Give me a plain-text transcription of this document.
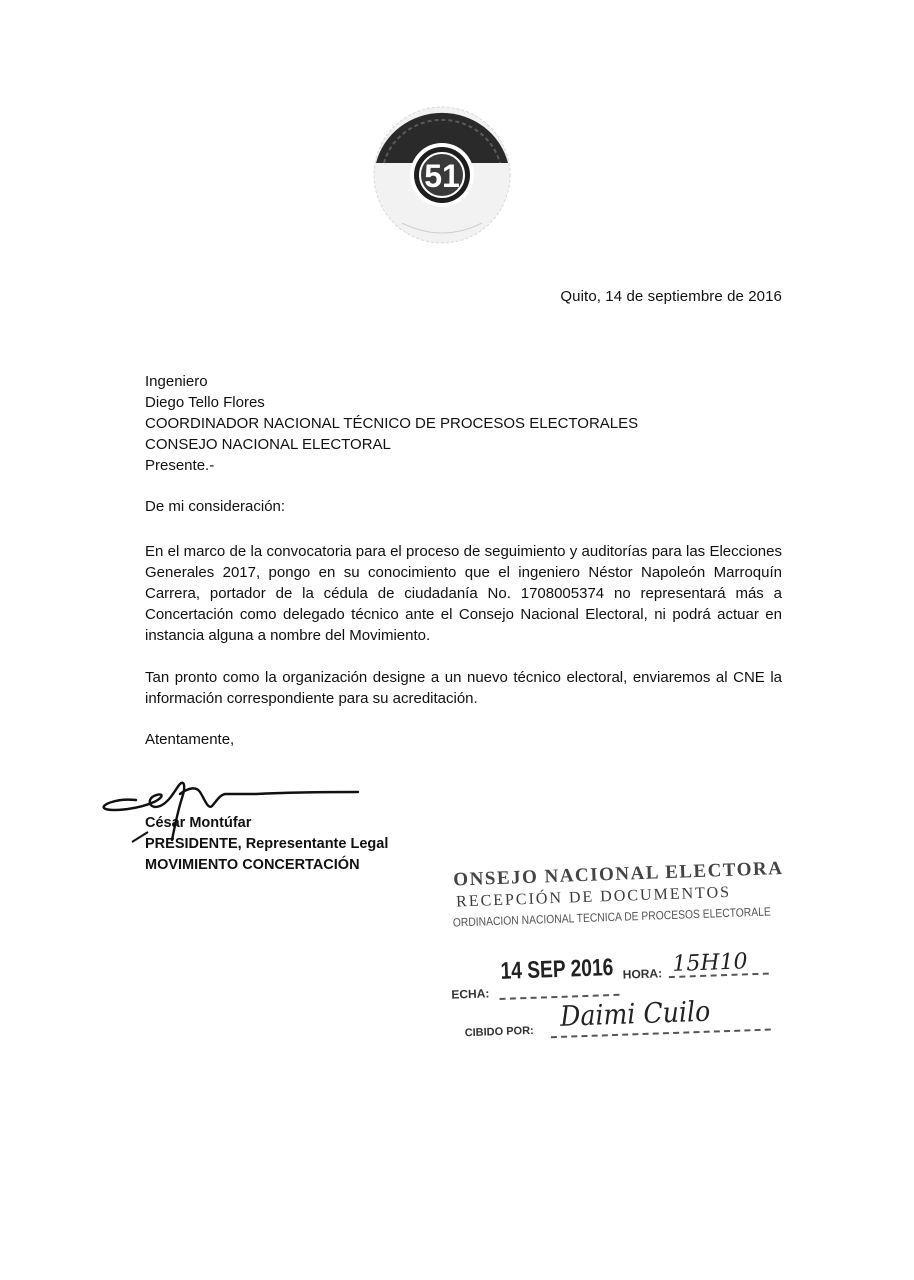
51
Quito, 14 de septiembre de 2016
Ingeniero
Diego Tello Flores
COORDINADOR NACIONAL TÉCNICO DE PROCESOS ELECTORALES
CONSEJO NACIONAL ELECTORAL
Presente.-
De mi consideración:
En el marco de la convocatoria para el proceso de seguimiento y auditorías para las Elecciones Generales 2017, pongo en su conocimiento que el ingeniero Néstor Napoleón Marroquín Carrera, portador de la cédula de ciudadanía No. 1708005374 no representará más a Concertación como delegado técnico ante el Consejo Nacional Electoral, ni podrá actuar en instancia alguna a nombre del Movimiento.
Tan pronto como la organización designe a un nuevo técnico electoral, enviaremos al CNE la información correspondiente para su acreditación.
Atentamente,
César Montúfar
PRESIDENTE, Representante Legal
MOVIMIENTO CONCERTACIÓN	ONSEJO NACIONAL ELECTORA
RECEPCIÓN DE DOCUMENTOS
ORDINACION NACIONAL TECNICA DE PROCESOS ELECTORALE
ECHA:
14 SEP 2016 HORA: 15H10
CIBIDO POR: Daimi Cuilo
